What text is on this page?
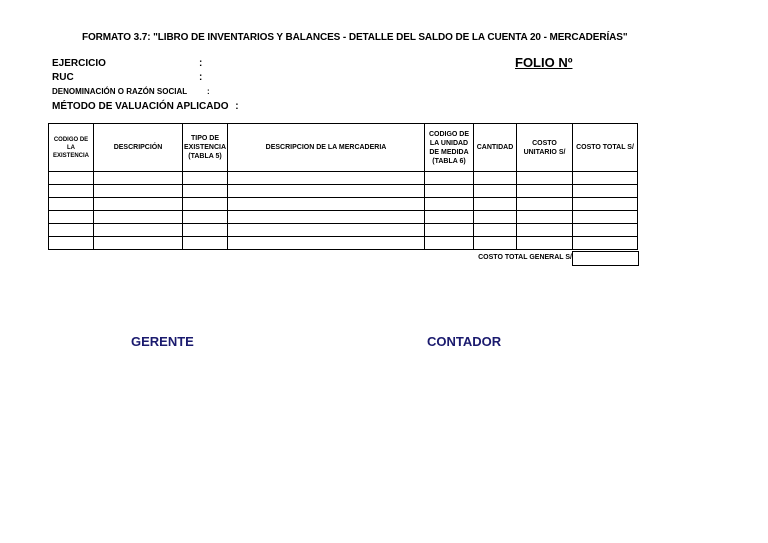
FORMATO 3.7: "LIBRO DE INVENTARIOS Y BALANCES - DETALLE DEL SALDO DE LA CUENTA 20 - MERCADERÍAS"
FOLIO Nº
EJERCICIO	:
RUC	:
DENOMINACIÓN O RAZÓN SOCIAL :
MÉTODO DE VALUACIÓN APLICADO :
CODIGO DE LA EXISTENCIA	DESCRIPCIÓN	TIPO DE EXISTENCIA (TABLA 5)	DESCRIPCION DE LA MERCADERIA	CODIGO DE LA UNIDAD DE MEDIDA (TABLA 6)	CANTIDAD	COSTO UNITARIO S/	COSTO TOTAL S/

COSTO TOTAL GENERAL S/
GERENTE	CONTADOR
